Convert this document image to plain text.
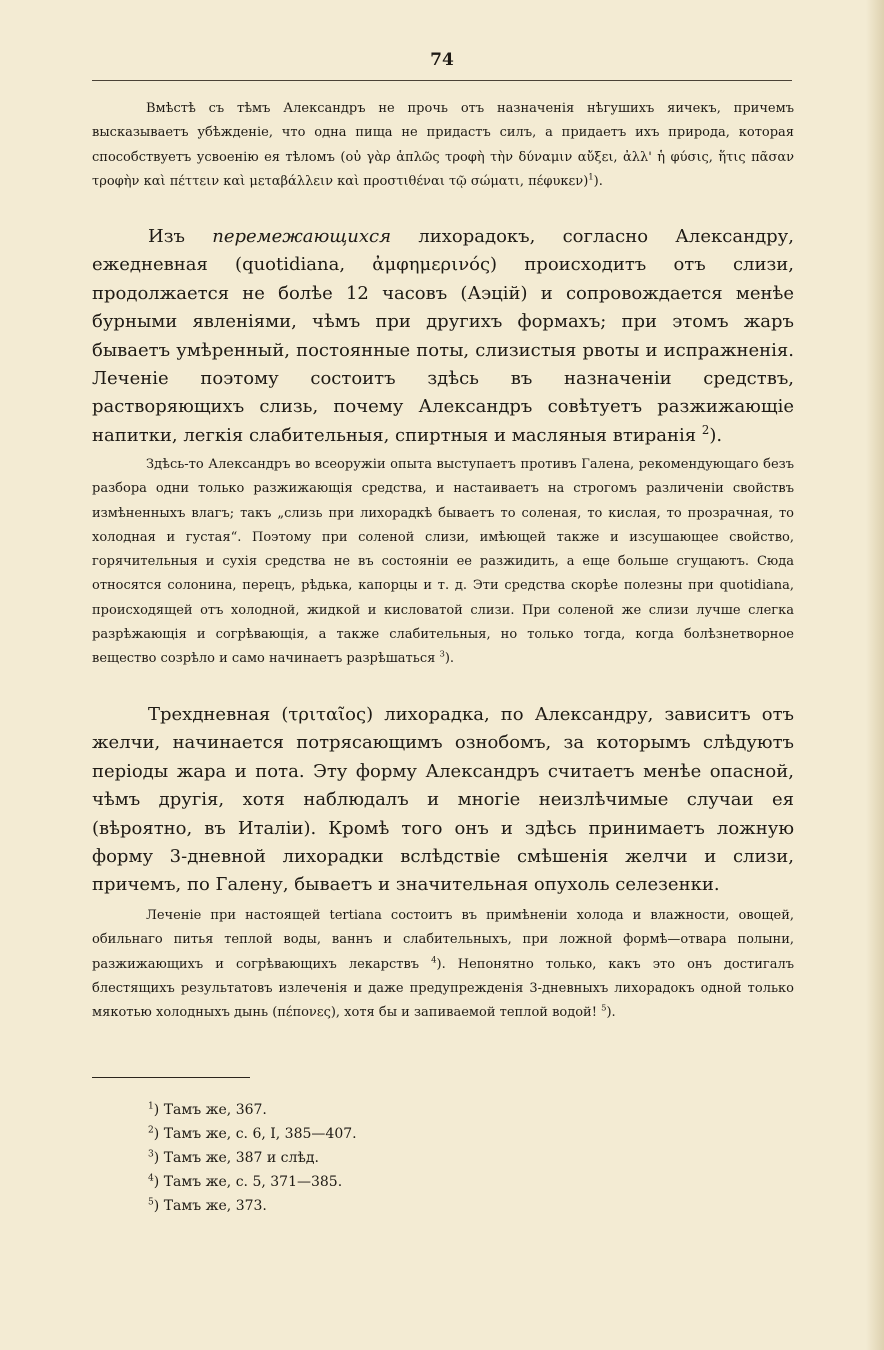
74

Вмѣстѣ съ тѣмъ Александръ не прочь отъ назначенія нѣгушихъ яичекъ, причемъ высказываетъ убѣжденіе, что одна пища не придастъ силъ, а придаетъ ихъ природа, которая способствуетъ усвоенію ея тѣломъ (οὐ γὰρ ἁπλῶς τροφὴ τὴν δύναμιν αὔξει, ἀλλ' ἡ φύσις, ἥτις πᾶσαν τροφὴν καὶ πέττειν καὶ μεταβάλλειν καὶ προστιθέναι τῷ σώματι, πέφυκεν)$^1$).

Изъ перемежающихся лихорадокъ, согласно Александру, ежедневная (quotidiana, ἀμφημερινός) происходитъ отъ слизи, продолжается не болѣе 12 часовъ (Аэцій) и сопровождается менѣе бурными явленіями, чѣмъ при другихъ формахъ; при этомъ жаръ бываетъ умѣренный, постоянные поты, слизистыя рвоты и испражненія. Леченіе поэтому состоитъ здѣсь въ назначеніи средствъ, растворяющихъ слизь, почему Александръ совѣтуетъ разжижающіе напитки, легкія слабительныя, спиртныя и масляныя втиранія $^2$).

Здѣсь-то Александръ во всеоружіи опыта выступаетъ противъ Галена, рекомендующаго безъ разбора одни только разжижающія средства, и настаиваетъ на строгомъ различеніи свойствъ измѣненныхъ влагъ; такъ „слизь при лихорадкѣ бываетъ то соленая, то кислая, то прозрачная, то холодная и густая“. Поэтому при соленой слизи, имѣющей также и изсушающее свойство, горячительныя и сухія средства не въ состояніи ее разжидить, а еще больше сгущаютъ. Сюда относятся солонина, перецъ, рѣдька, капорцы и т. д. Эти средства скорѣе полезны при quotidiana, происходящей отъ холодной, жидкой и кисловатой слизи. При соленой же слизи лучше слегка разрѣжающія и согрѣвающія, а также слабительныя, но только тогда, когда болѣзнетворное вещество созрѣло и само начинаетъ разрѣшаться $^3$).

Трехдневная (τριταῖος) лихорадка, по Александру, зависитъ отъ желчи, начинается потрясающимъ ознобомъ, за которымъ слѣдуютъ періоды жара и пота. Эту форму Александръ считаетъ менѣе опасной, чѣмъ другія, хотя наблюдалъ и многіе неизлѣчимые случаи ея (вѣроятно, въ Италіи). Кромѣ того онъ и здѣсь принимаетъ ложную форму 3-дневной лихорадки вслѣдствіе смѣшенія желчи и слизи, причемъ, по Галену, бываетъ и значительная опухоль селезенки.

Леченіе при настоящей tertiana состоитъ въ примѣненіи холода и влажности, овощей, обильнаго питья теплой воды, ваннъ и слабительныхъ, при ложной формѣ—отвара полыни, разжижающихъ и согрѣвающихъ лекарствъ $^4$). Непонятно только, какъ это онъ достигалъ блестящихъ результатовъ излеченія и даже предупрежденія 3-дневныхъ лихорадокъ одной только мякотью холодныхъ дынь (πέπονες), хотя бы и запиваемой теплой водой! $^5$).

$^1$) Тамъ же, 367.
$^2$) Тамъ же, с. 6, I, 385—407.
$^3$) Тамъ же, 387 и слѣд.
$^4$) Тамъ же, с. 5, 371—385.
$^5$) Тамъ же, 373.
